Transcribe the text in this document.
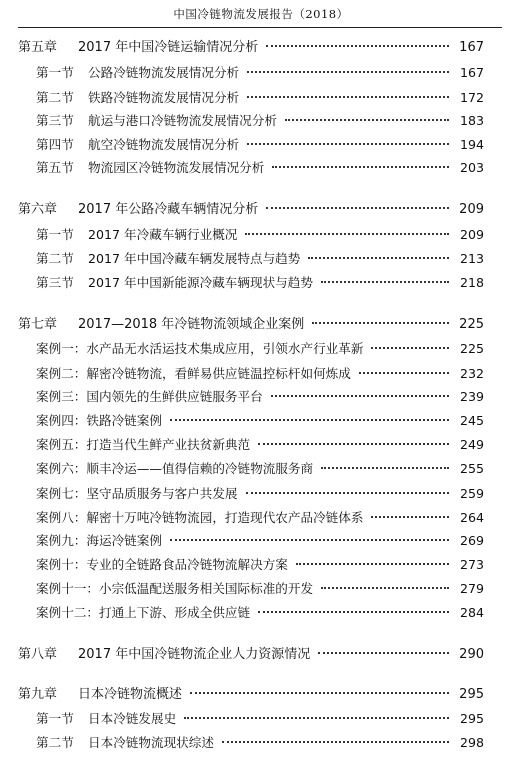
中国冷链物流发展报告（2018）
第五章	2017 年中国冷链运输情况分析	167
第一节	公路冷链物流发展情况分析	167
第二节	铁路冷链物流发展情况分析	172
第三节	航运与港口冷链物流发展情况分析	183
第四节	航空冷链物流发展情况分析	194
第五节	物流园区冷链物流发展情况分析	203
第六章	2017 年公路冷藏车辆情况分析	209
第一节	2017 年冷藏车辆行业概况	209
第二节	2017 年中国冷藏车辆发展特点与趋势	213
第三节	2017 年中国新能源冷藏车辆现状与趋势	218
第七章	2017—2018 年冷链物流领域企业案例	225
案例一：水产品无水活运技术集成应用，引领水产行业革新	225
案例二：解密冷链物流，看鲜易供应链温控标杆如何炼成	232
案例三：国内领先的生鲜供应链服务平台	239
案例四：铁路冷链案例	245
案例五：打造当代生鲜产业扶贫新典范	249
案例六：顺丰冷运——值得信赖的冷链物流服务商	255
案例七：坚守品质服务与客户共发展	259
案例八：解密十万吨冷链物流园，打造现代农产品冷链体系	264
案例九：海运冷链案例	269
案例十：专业的全链路食品冷链物流解决方案	273
案例十一：小宗低温配送服务相关国际标准的开发	279
案例十二：打通上下游、形成全供应链	284
第八章	2017 年中国冷链物流企业人力资源情况	290
第九章	日本冷链物流概述	295
第一节	日本冷链发展史	295
第二节	日本冷链物流现状综述	298
